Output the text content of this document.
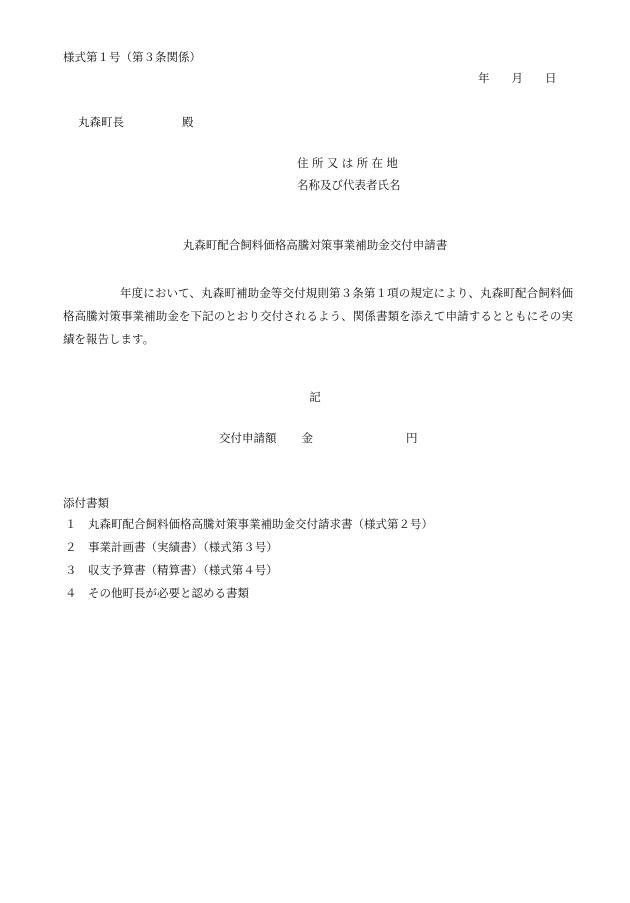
様式第１号（第３条関係）
年 月 日
丸森町長	殿
住所又は所在地
名称及び代表者氏名
丸森町配合飼料価格高騰対策事業補助金交付申請書
年度において、丸森町補助金等交付規則第３条第１項の規定により、丸森町配合飼料価格高騰対策事業補助金を下記のとおり交付されるよう、関係書類を添えて申請するとともにその実績を報告します。
記
交付申請額 金	円
添付書類
１ 丸森町配合飼料価格高騰対策事業補助金交付請求書（様式第２号）
２ 事業計画書（実績書）（様式第３号）
３ 収支予算書（精算書）（様式第４号）
４ その他町長が必要と認める書類
